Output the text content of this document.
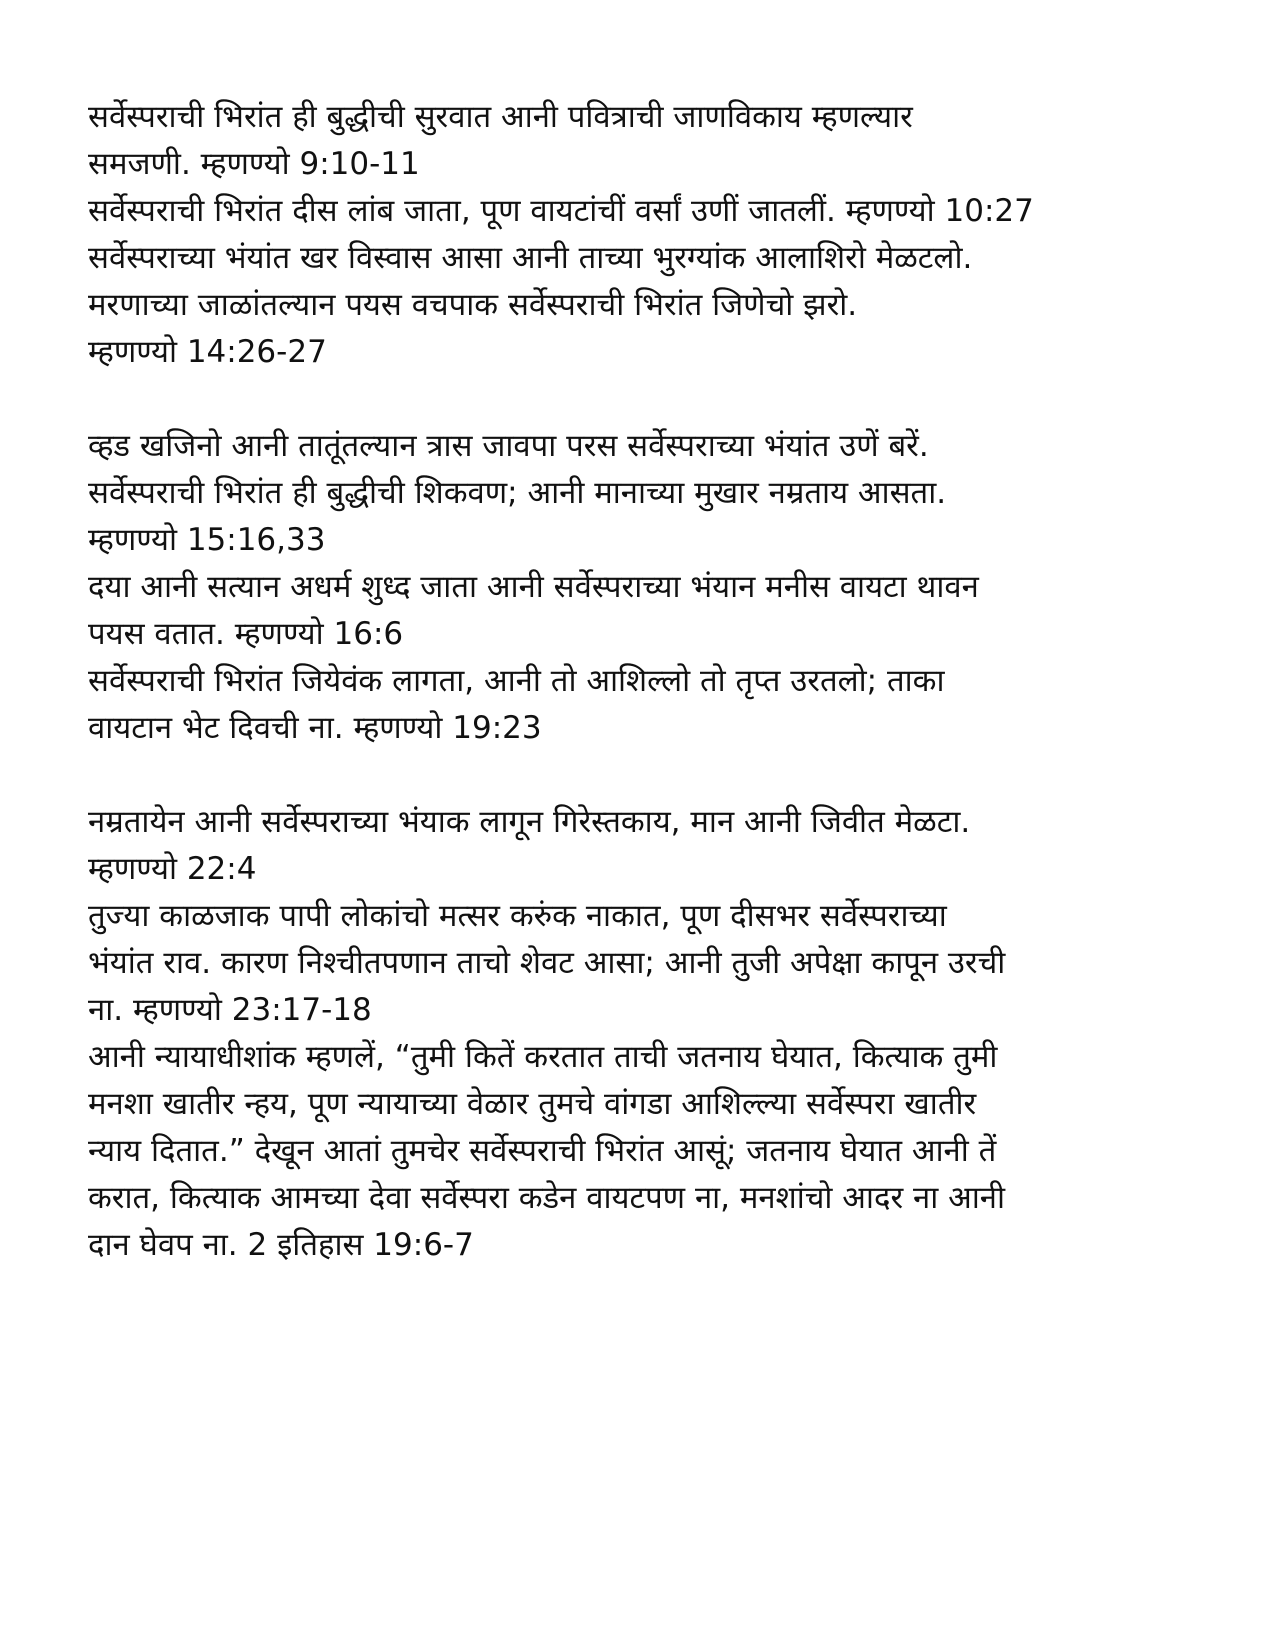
सर्वेस्पराची भिरांत ही बुद्धीची सुरवात आनी पवित्राची जाणविकाय म्हणल्यार
समजणी. म्हणण्यो 9:10-11
सर्वेस्पराची भिरांत दीस लांब जाता, पूण वायटांचीं वर्सां उणीं जातलीं. म्हणण्यो 10:27
सर्वेस्पराच्या भंयांत खर विस्वास आसा आनी ताच्या भुरग्यांक आलाशिरो मेळटलो.
मरणाच्या जाळांतल्यान पयस वचपाक सर्वेस्पराची भिरांत जिणेचो झरो.
म्हणण्यो 14:26-27
व्हड खजिनो आनी तातूंतल्यान त्रास जावपा परस सर्वेस्पराच्या भंयांत उणें बरें.
सर्वेस्पराची भिरांत ही बुद्धीची शिकवण; आनी मानाच्या मुखार नम्रताय आसता.
म्हणण्यो 15:16,33
दया आनी सत्यान अधर्म शुध्द जाता आनी सर्वेस्पराच्या भंयान मनीस वायटा थावन
पयस वतात. म्हणण्यो 16:6
सर्वेस्पराची भिरांत जियेवंक लागता, आनी तो आशिल्लो तो तृप्त उरतलो; ताका
वायटान भेट दिवची ना. म्हणण्यो 19:23
नम्रतायेन आनी सर्वेस्पराच्या भंयाक लागून गिरेस्तकाय, मान आनी जिवीत मेळटा.
म्हणण्यो 22:4
तुज्या काळजाक पापी लोकांचो मत्सर करुंक नाकात, पूण दीसभर सर्वेस्पराच्या
भंयांत राव. कारण निश्चीतपणान ताचो शेवट आसा; आनी तुजी अपेक्षा कापून उरची
ना. म्हणण्यो 23:17-18
आनी न्यायाधीशांक म्हणलें, “तुमी कितें करतात ताची जतनाय घेयात, कित्याक तुमी
मनशा खातीर न्हय, पूण न्यायाच्या वेळार तुमचे वांगडा आशिल्ल्या सर्वेस्परा खातीर
न्याय दितात.” देखून आतां तुमचेर सर्वेस्पराची भिरांत आसूं; जतनाय घेयात आनी तें
करात, कित्याक आमच्या देवा सर्वेस्परा कडेन वायटपण ना, मनशांचो आदर ना आनी
दान घेवप ना. 2 इतिहास 19:6-7
